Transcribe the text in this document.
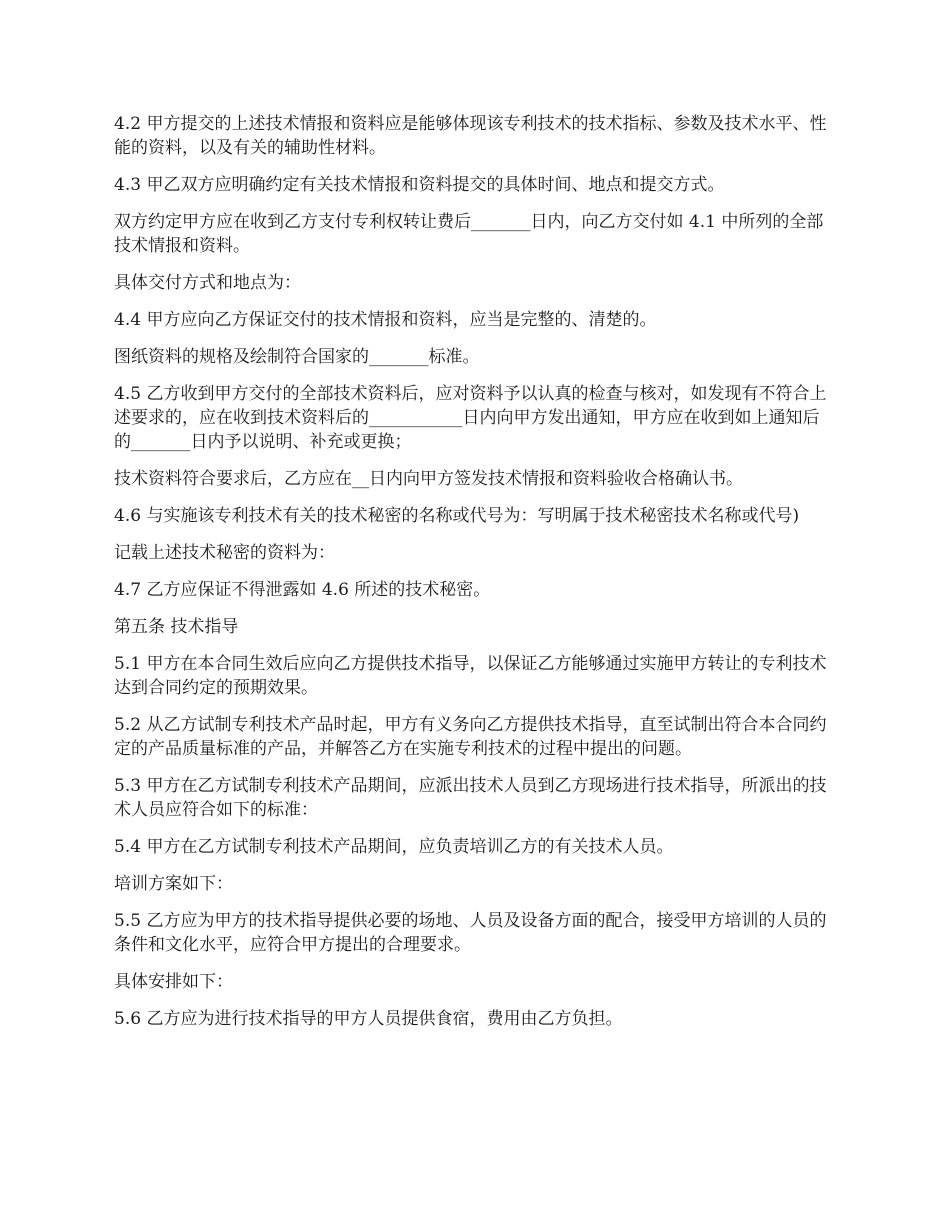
4.2 甲方提交的上述技术情报和资料应是能够体现该专利技术的技术指标、参数及技术水平、性能的资料，以及有关的辅助性材料。

4.3 甲乙双方应明确约定有关技术情报和资料提交的具体时间、地点和提交方式。

双方约定甲方应在收到乙方支付专利权转让费后_______日内，向乙方交付如 4.1 中所列的全部技术情报和资料。

具体交付方式和地点为：

4.4 甲方应向乙方保证交付的技术情报和资料，应当是完整的、清楚的。

图纸资料的规格及绘制符合国家的_______标准。

4.5 乙方收到甲方交付的全部技术资料后，应对资料予以认真的检查与核对，如发现有不符合上述要求的，应在收到技术资料后的___________日内向甲方发出通知，甲方应在收到如上通知后的_______日内予以说明、补充或更换；

技术资料符合要求后，乙方应在__日内向甲方签发技术情报和资料验收合格确认书。

4.6 与实施该专利技术有关的技术秘密的名称或代号为：写明属于技术秘密技术名称或代号)

记载上述技术秘密的资料为：

4.7 乙方应保证不得泄露如 4.6 所述的技术秘密。

第五条 技术指导

5.1 甲方在本合同生效后应向乙方提供技术指导，以保证乙方能够通过实施甲方转让的专利技术达到合同约定的预期效果。

5.2 从乙方试制专利技术产品时起，甲方有义务向乙方提供技术指导，直至试制出符合本合同约定的产品质量标准的产品，并解答乙方在实施专利技术的过程中提出的问题。

5.3 甲方在乙方试制专利技术产品期间，应派出技术人员到乙方现场进行技术指导，所派出的技术人员应符合如下的标准：

5.4 甲方在乙方试制专利技术产品期间，应负责培训乙方的有关技术人员。

培训方案如下：

5.5 乙方应为甲方的技术指导提供必要的场地、人员及设备方面的配合，接受甲方培训的人员的条件和文化水平，应符合甲方提出的合理要求。

具体安排如下：

5.6 乙方应为进行技术指导的甲方人员提供食宿，费用由乙方负担。
